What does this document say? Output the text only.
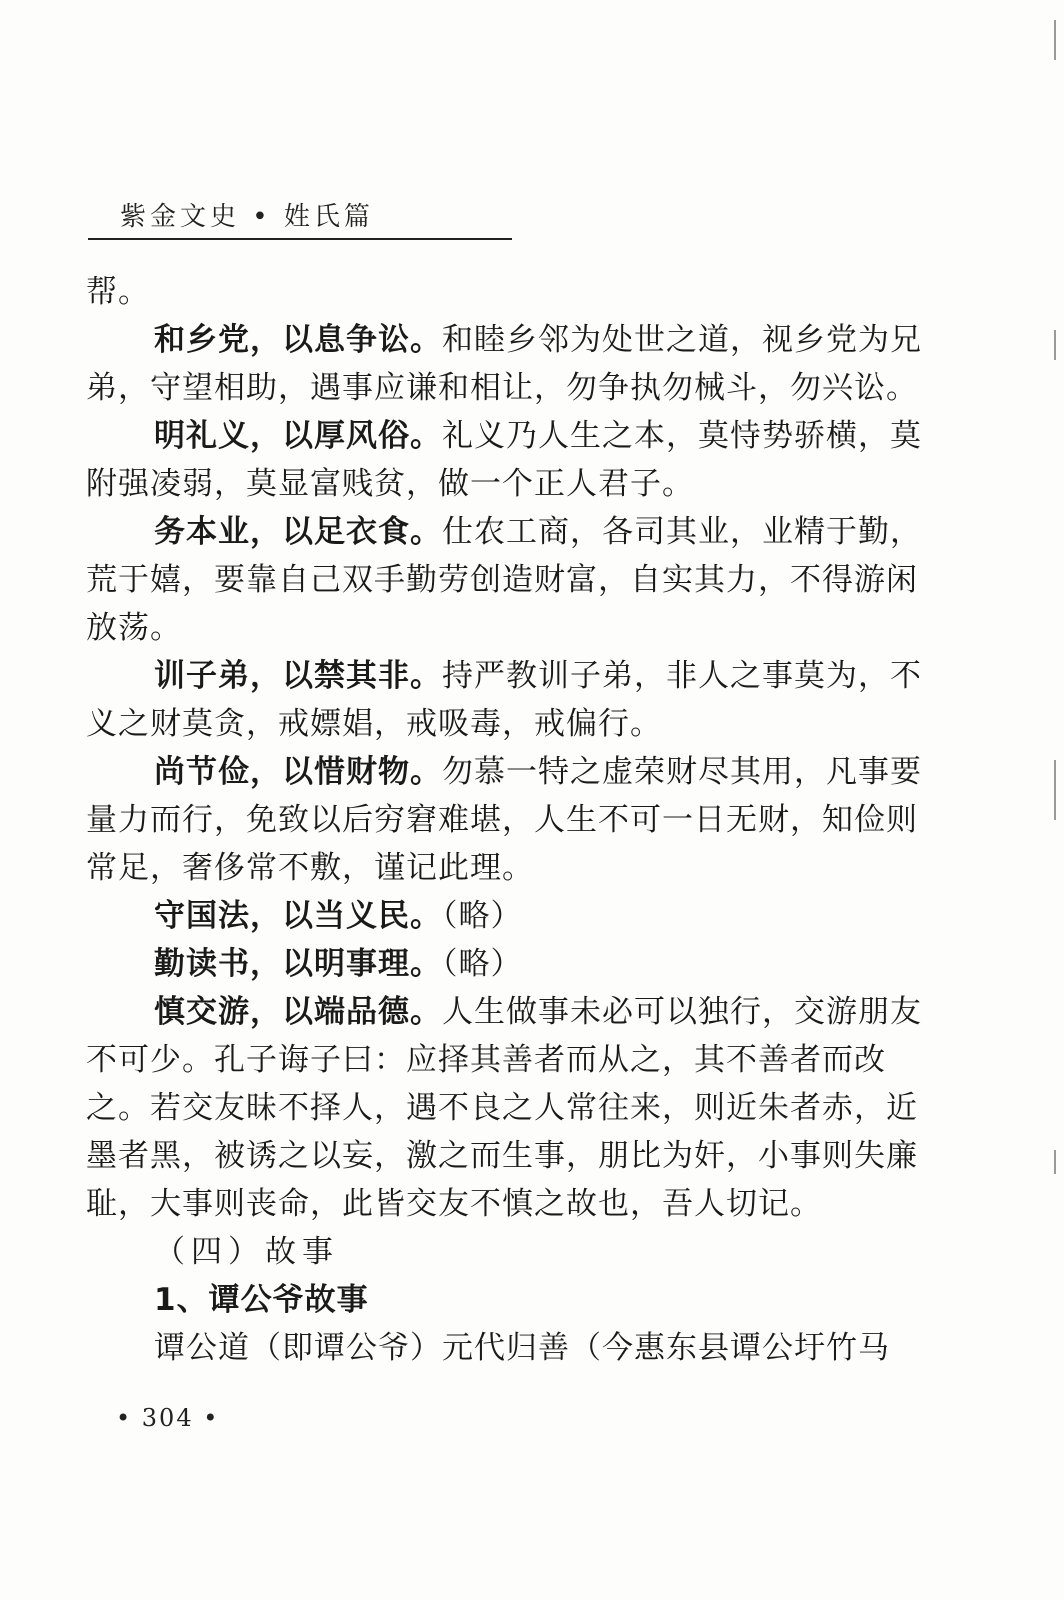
紫金文史 • 姓氏篇

帮。

和乡党，以息争讼。和睦乡邻为处世之道，视乡党为兄弟，守望相助，遇事应谦和相让，勿争执勿械斗，勿兴讼。

明礼义，以厚风俗。礼义乃人生之本，莫恃势骄横，莫附强凌弱，莫显富贱贫，做一个正人君子。

务本业，以足衣食。仕农工商，各司其业，业精于勤，荒于嬉，要靠自己双手勤劳创造财富，自实其力，不得游闲放荡。

训子弟，以禁其非。持严教训子弟，非人之事莫为，不义之财莫贪，戒嫖娼，戒吸毒，戒偏行。

尚节俭，以惜财物。勿慕一特之虚荣财尽其用，凡事要量力而行，免致以后穷窘难堪，人生不可一日无财，知俭则常足，奢侈常不敷，谨记此理。

守国法，以当义民。（略）

勤读书，以明事理。（略）

慎交游，以端品德。人生做事未必可以独行，交游朋友不可少。孔子诲子曰：应择其善者而从之，其不善者而改之。若交友昧不择人，遇不良之人常往来，则近朱者赤，近墨者黑，被诱之以妄，激之而生事，朋比为奸，小事则失廉耻，大事则丧命，此皆交友不慎之故也，吾人切记。

（四）故事

1、谭公爷故事

谭公道（即谭公爷）元代归善（今惠东县谭公圩竹马

• 304 •
